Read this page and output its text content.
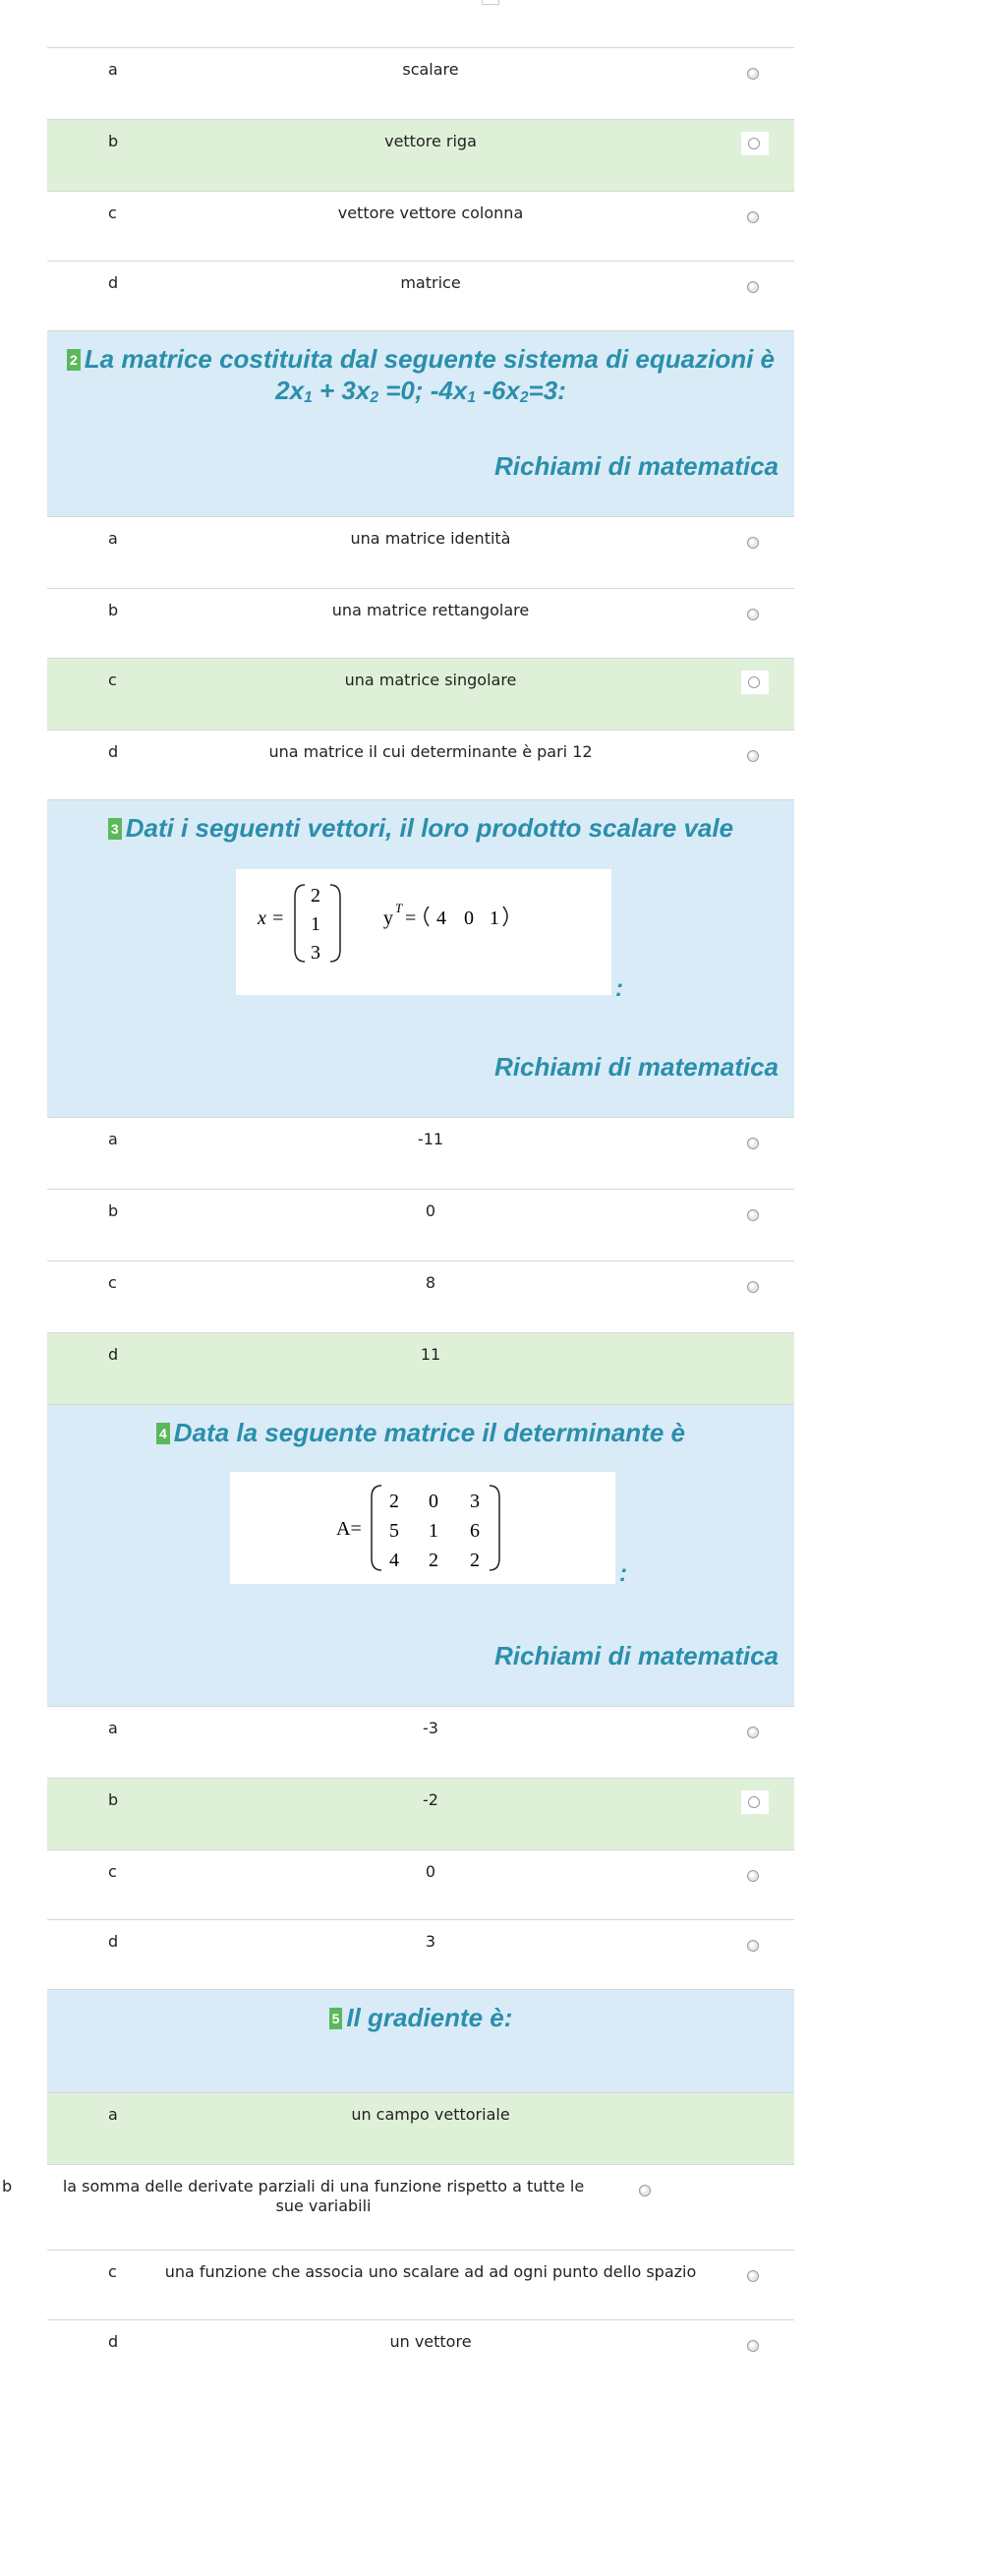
a	scalare
b	vettore riga
c	vettore vettore colonna
d	matrice
2 La matrice costituita dal seguente sistema di equazioni è
$2x_1 + 3x_2 =0$; $-4x_1$ $-6x_2=3$:
Richiami di matematica
a	una matrice identità
b	una matrice rettangolare
c	una matrice singolare
d	una matrice il cui determinante è pari 12
3 Dati i seguenti vettori, il loro prodotto scalare vale
x =
2
1
3
y T = 4 0 1
:
Richiami di matematica
a	-11
b	0
c	8
d	11
4 Data la seguente matrice il determinante è
A=
2 0 3
5 1 6
4 2 2	:
Richiami di matematica
a	-3
b	-2
c	0
d	3
5 Il gradiente è:
a	un campo vettoriale
b	la somma delle derivate parziali di una funzione rispetto a tutte le sue variabili
c	una funzione che associa uno scalare ad ad ogni punto dello spazio
d	un vettore
